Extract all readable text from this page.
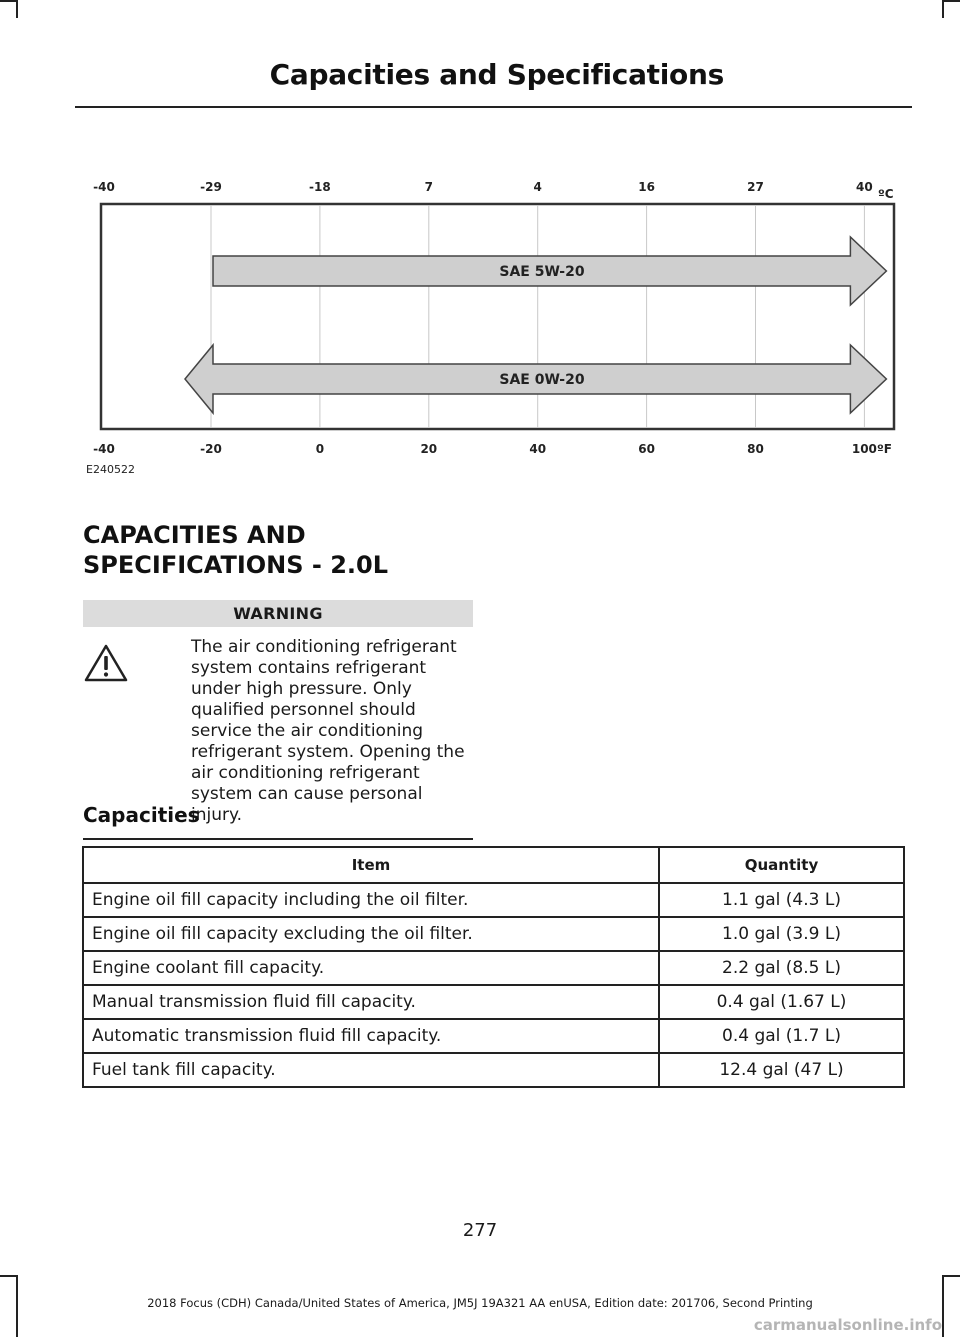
Capacities and Specifications
SAE 5W-20
SAE 0W-20
-40	-29	-18	7	4	16	27	40
-40	-20	0	20	40	60	80	100
ºC
ºF
E240522
CAPACITIES AND
SPECIFICATIONS - 2.0L
WARNING
The air conditioning refrigerant system contains refrigerant under high pressure. Only qualified personnel should service the air conditioning refrigerant system. Opening the air conditioning refrigerant system can cause personal injury.
Capacities
Item	Quantity
Engine oil fill capacity including the oil filter.	1.1 gal (4.3 L)
Engine oil fill capacity excluding the oil filter.	1.0 gal (3.9 L)
Engine coolant fill capacity.	2.2 gal (8.5 L)
Manual transmission fluid fill capacity.	0.4 gal (1.67 L)
Automatic transmission fluid fill capacity.	0.4 gal (1.7 L)
Fuel tank fill capacity.	12.4 gal (47 L)
277
2018 Focus (CDH) Canada/United States of America, JM5J 19A321 AA enUSA, Edition date: 201706, Second Printing
carmanualsonline.info
